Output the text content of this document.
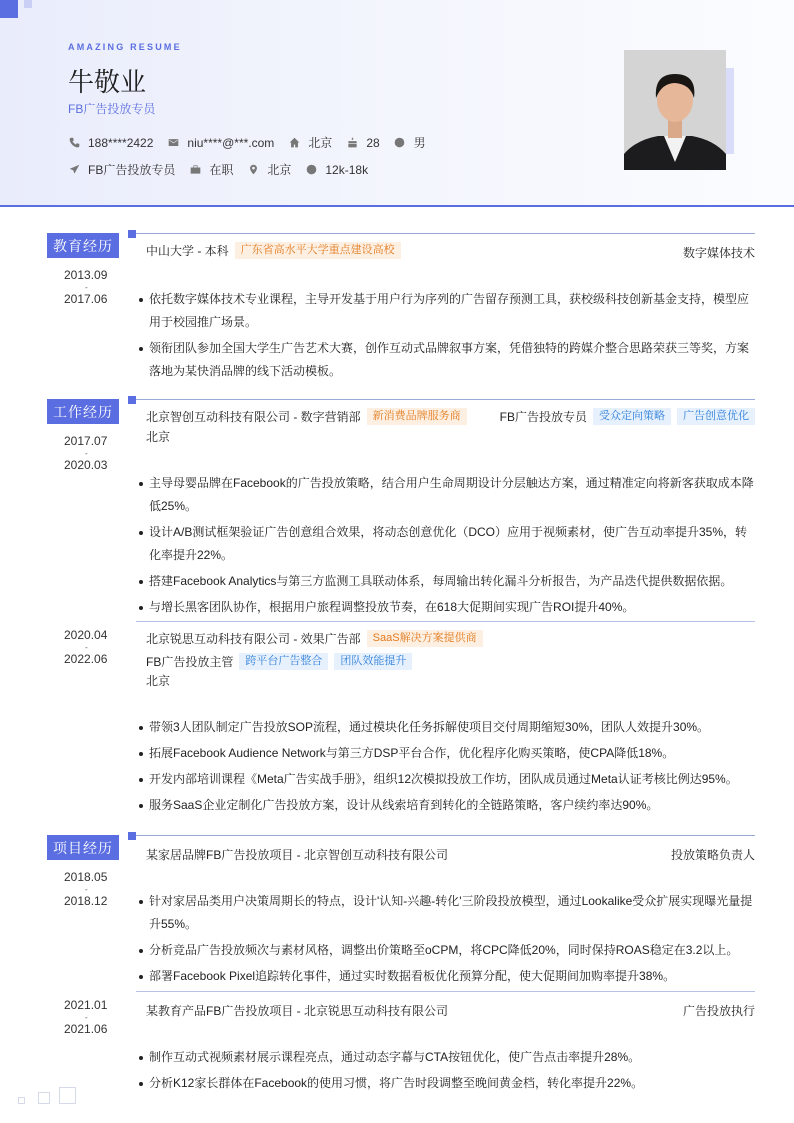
AMAZING RESUME
牛敬业
FB广告投放专员
188****2422	niu****@***.com	北京	28	男
FB广告投放专员	在职	北京	12k-18k
教育经历
2013.09
-
2017.06
中山大学 - 本科	广东省高水平大学重点建设高校	数字媒体技术
依托数字媒体技术专业课程，主导开发基于用户行为序列的广告留存预测工具，获校级科技创新基金支持，模型应用于校园推广场景。
领衔团队参加全国大学生广告艺术大赛，创作互动式品牌叙事方案，凭借独特的跨媒介整合思路荣获三等奖，方案落地为某快消品牌的线下活动模板。
工作经历
2017.07
-
2020.03
北京智创互动科技有限公司 - 数字营销部	新消费品牌服务商	FB广告投放专员	受众定向策略	广告创意优化
北京
主导母婴品牌在Facebook的广告投放策略，结合用户生命周期设计分层触达方案，通过精准定向将新客获取成本降低25%。
设计A/B测试框架验证广告创意组合效果，将动态创意优化（DCO）应用于视频素材，使广告互动率提升35%，转化率提升22%。
搭建Facebook Analytics与第三方监测工具联动体系，每周输出转化漏斗分析报告，为产品迭代提供数据依据。
与增长黑客团队协作，根据用户旅程调整投放节奏，在618大促期间实现广告ROI提升40%。
2020.04
-
2022.06
北京锐思互动科技有限公司 - 效果广告部	SaaS解决方案提供商
FB广告投放主管	跨平台广告整合	团队效能提升
北京
带领3人团队制定广告投放SOP流程，通过模块化任务拆解使项目交付周期缩短30%，团队人效提升30%。
拓展Facebook Audience Network与第三方DSP平台合作，优化程序化购买策略，使CPA降低18%。
开发内部培训课程《Meta广告实战手册》，组织12次模拟投放工作坊，团队成员通过Meta认证考核比例达95%。
服务SaaS企业定制化广告投放方案，设计从线索培育到转化的全链路策略，客户续约率达90%。
项目经历
2018.05
-
2018.12
某家居品牌FB广告投放项目 - 北京智创互动科技有限公司	投放策略负责人
针对家居品类用户决策周期长的特点，设计'认知-兴趣-转化'三阶段投放模型，通过Lookalike受众扩展实现曝光量提升55%。
分析竞品广告投放频次与素材风格，调整出价策略至oCPM，将CPC降低20%，同时保持ROAS稳定在3.2以上。
部署Facebook Pixel追踪转化事件，通过实时数据看板优化预算分配，使大促期间加购率提升38%。
2021.01
-
2021.06
某教育产品FB广告投放项目 - 北京锐思互动科技有限公司	广告投放执行
制作互动式视频素材展示课程亮点，通过动态字幕与CTA按钮优化，使广告点击率提升28%。
分析K12家长群体在Facebook的使用习惯，将广告时段调整至晚间黄金档，转化率提升22%。
